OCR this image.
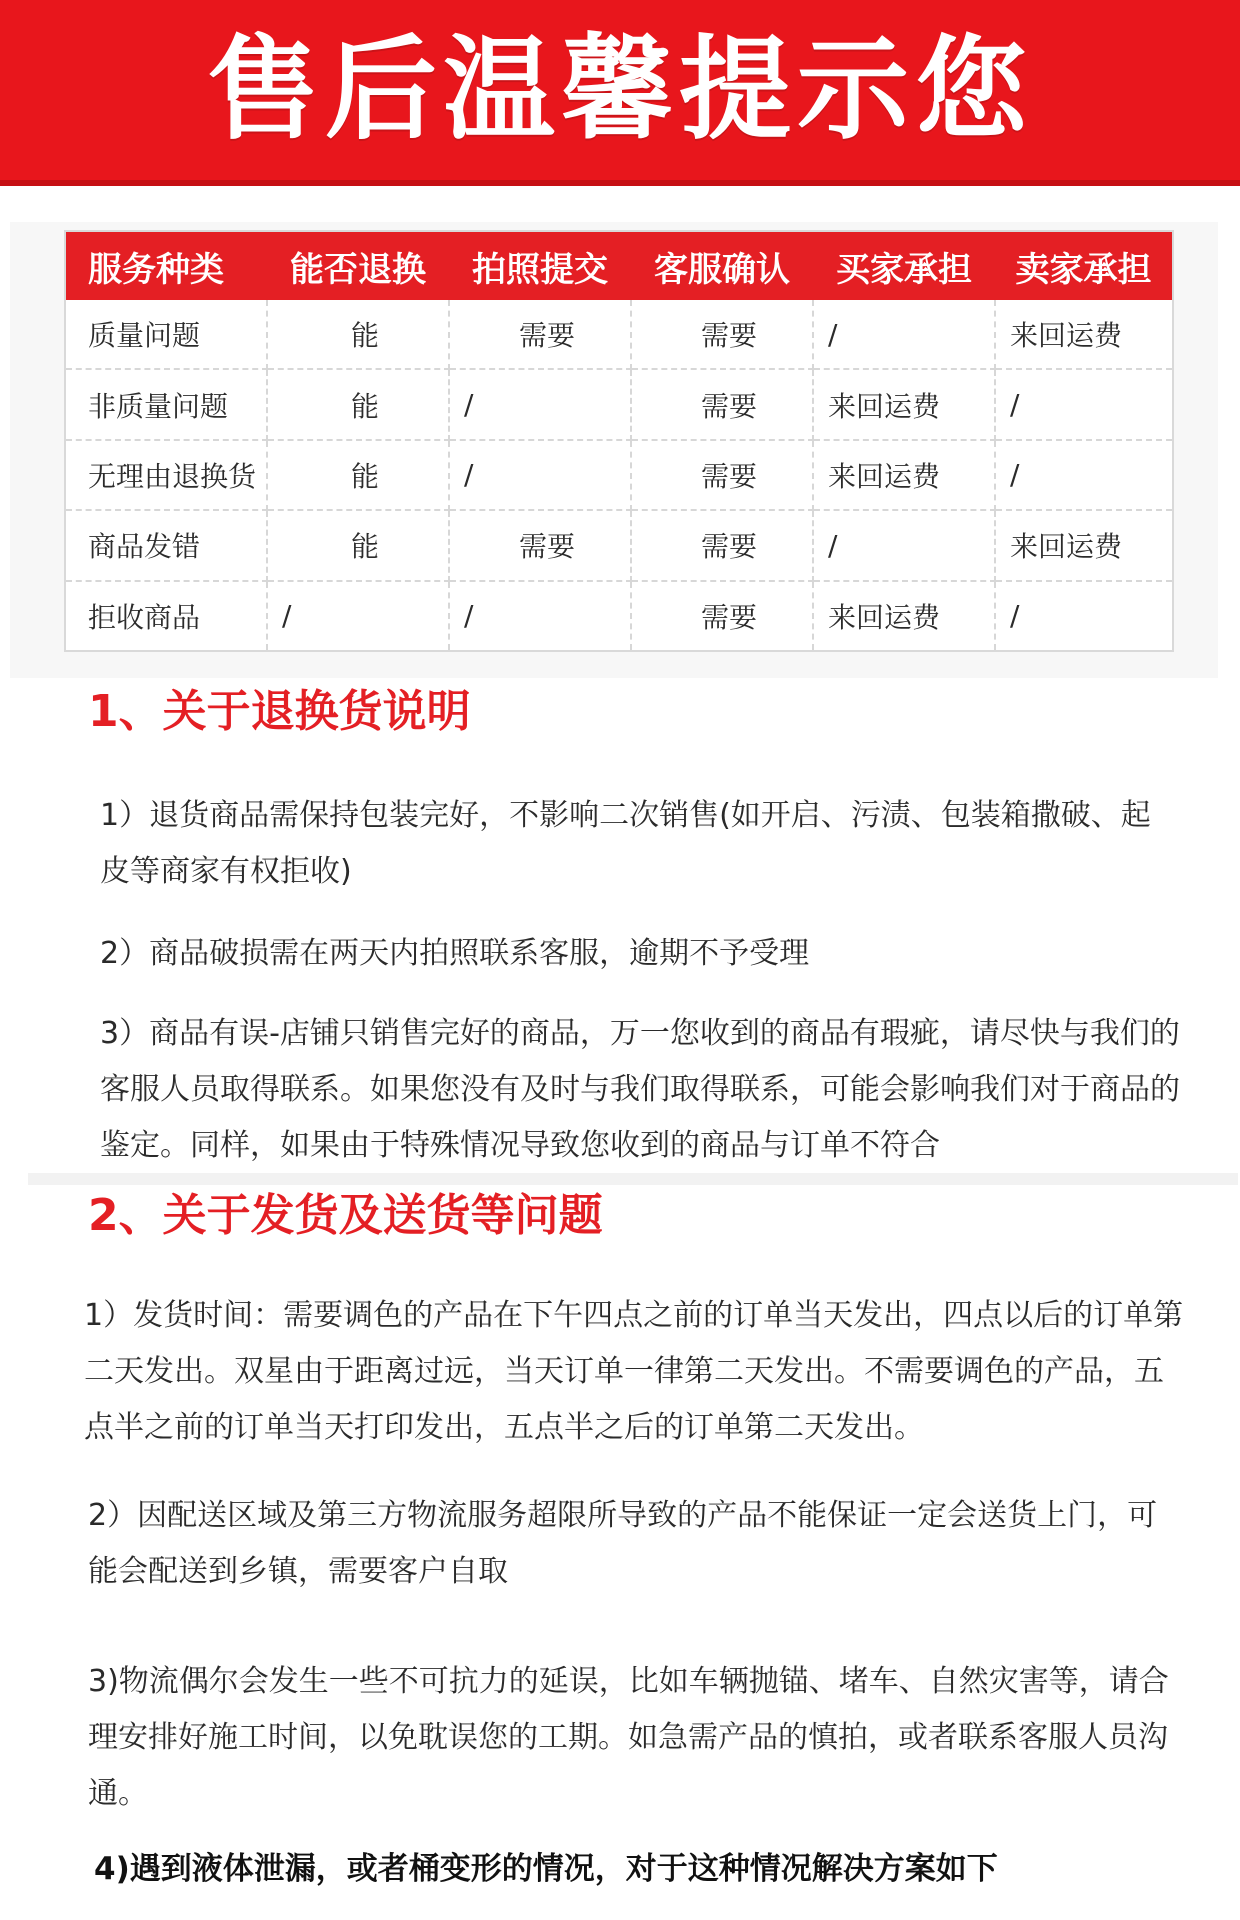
售后温馨提示您
服务种类	能否退换	拍照提交	客服确认	买家承担	卖家承担
质量问题	能	需要	需要	/	来回运费
非质量问题	能	/	需要	来回运费	/
无理由退换货	能	/	需要	来回运费	/
商品发错	能	需要	需要	/	来回运费
拒收商品	/	/	需要	来回运费	/
1、关于退换货说明

1）退货商品需保持包装完好，不影响二次销售(如开启、污渍、包装箱撒破、起皮等商家有权拒收)

2）商品破损需在两天内拍照联系客服，逾期不予受理

3）商品有误-店铺只销售完好的商品，万一您收到的商品有瑕疵，请尽快与我们的客服人员取得联系。如果您没有及时与我们取得联系，可能会影响我们对于商品的鉴定。同样，如果由于特殊情况导致您收到的商品与订单不符合

2、关于发货及送货等问题

1）发货时间：需要调色的产品在下午四点之前的订单当天发出，四点以后的订单第二天发出。双星由于距离过远，当天订单一律第二天发出。不需要调色的产品，五点半之前的订单当天打印发出，五点半之后的订单第二天发出。

2）因配送区域及第三方物流服务超限所导致的产品不能保证一定会送货上门，可能会配送到乡镇，需要客户自取

3)物流偶尔会发生一些不可抗力的延误，比如车辆抛锚、堵车、自然灾害等，请合理安排好施工时间，以免耽误您的工期。如急需产品的慎拍，或者联系客服人员沟通。

4)遇到液体泄漏，或者桶变形的情况，对于这种情况解决方案如下
